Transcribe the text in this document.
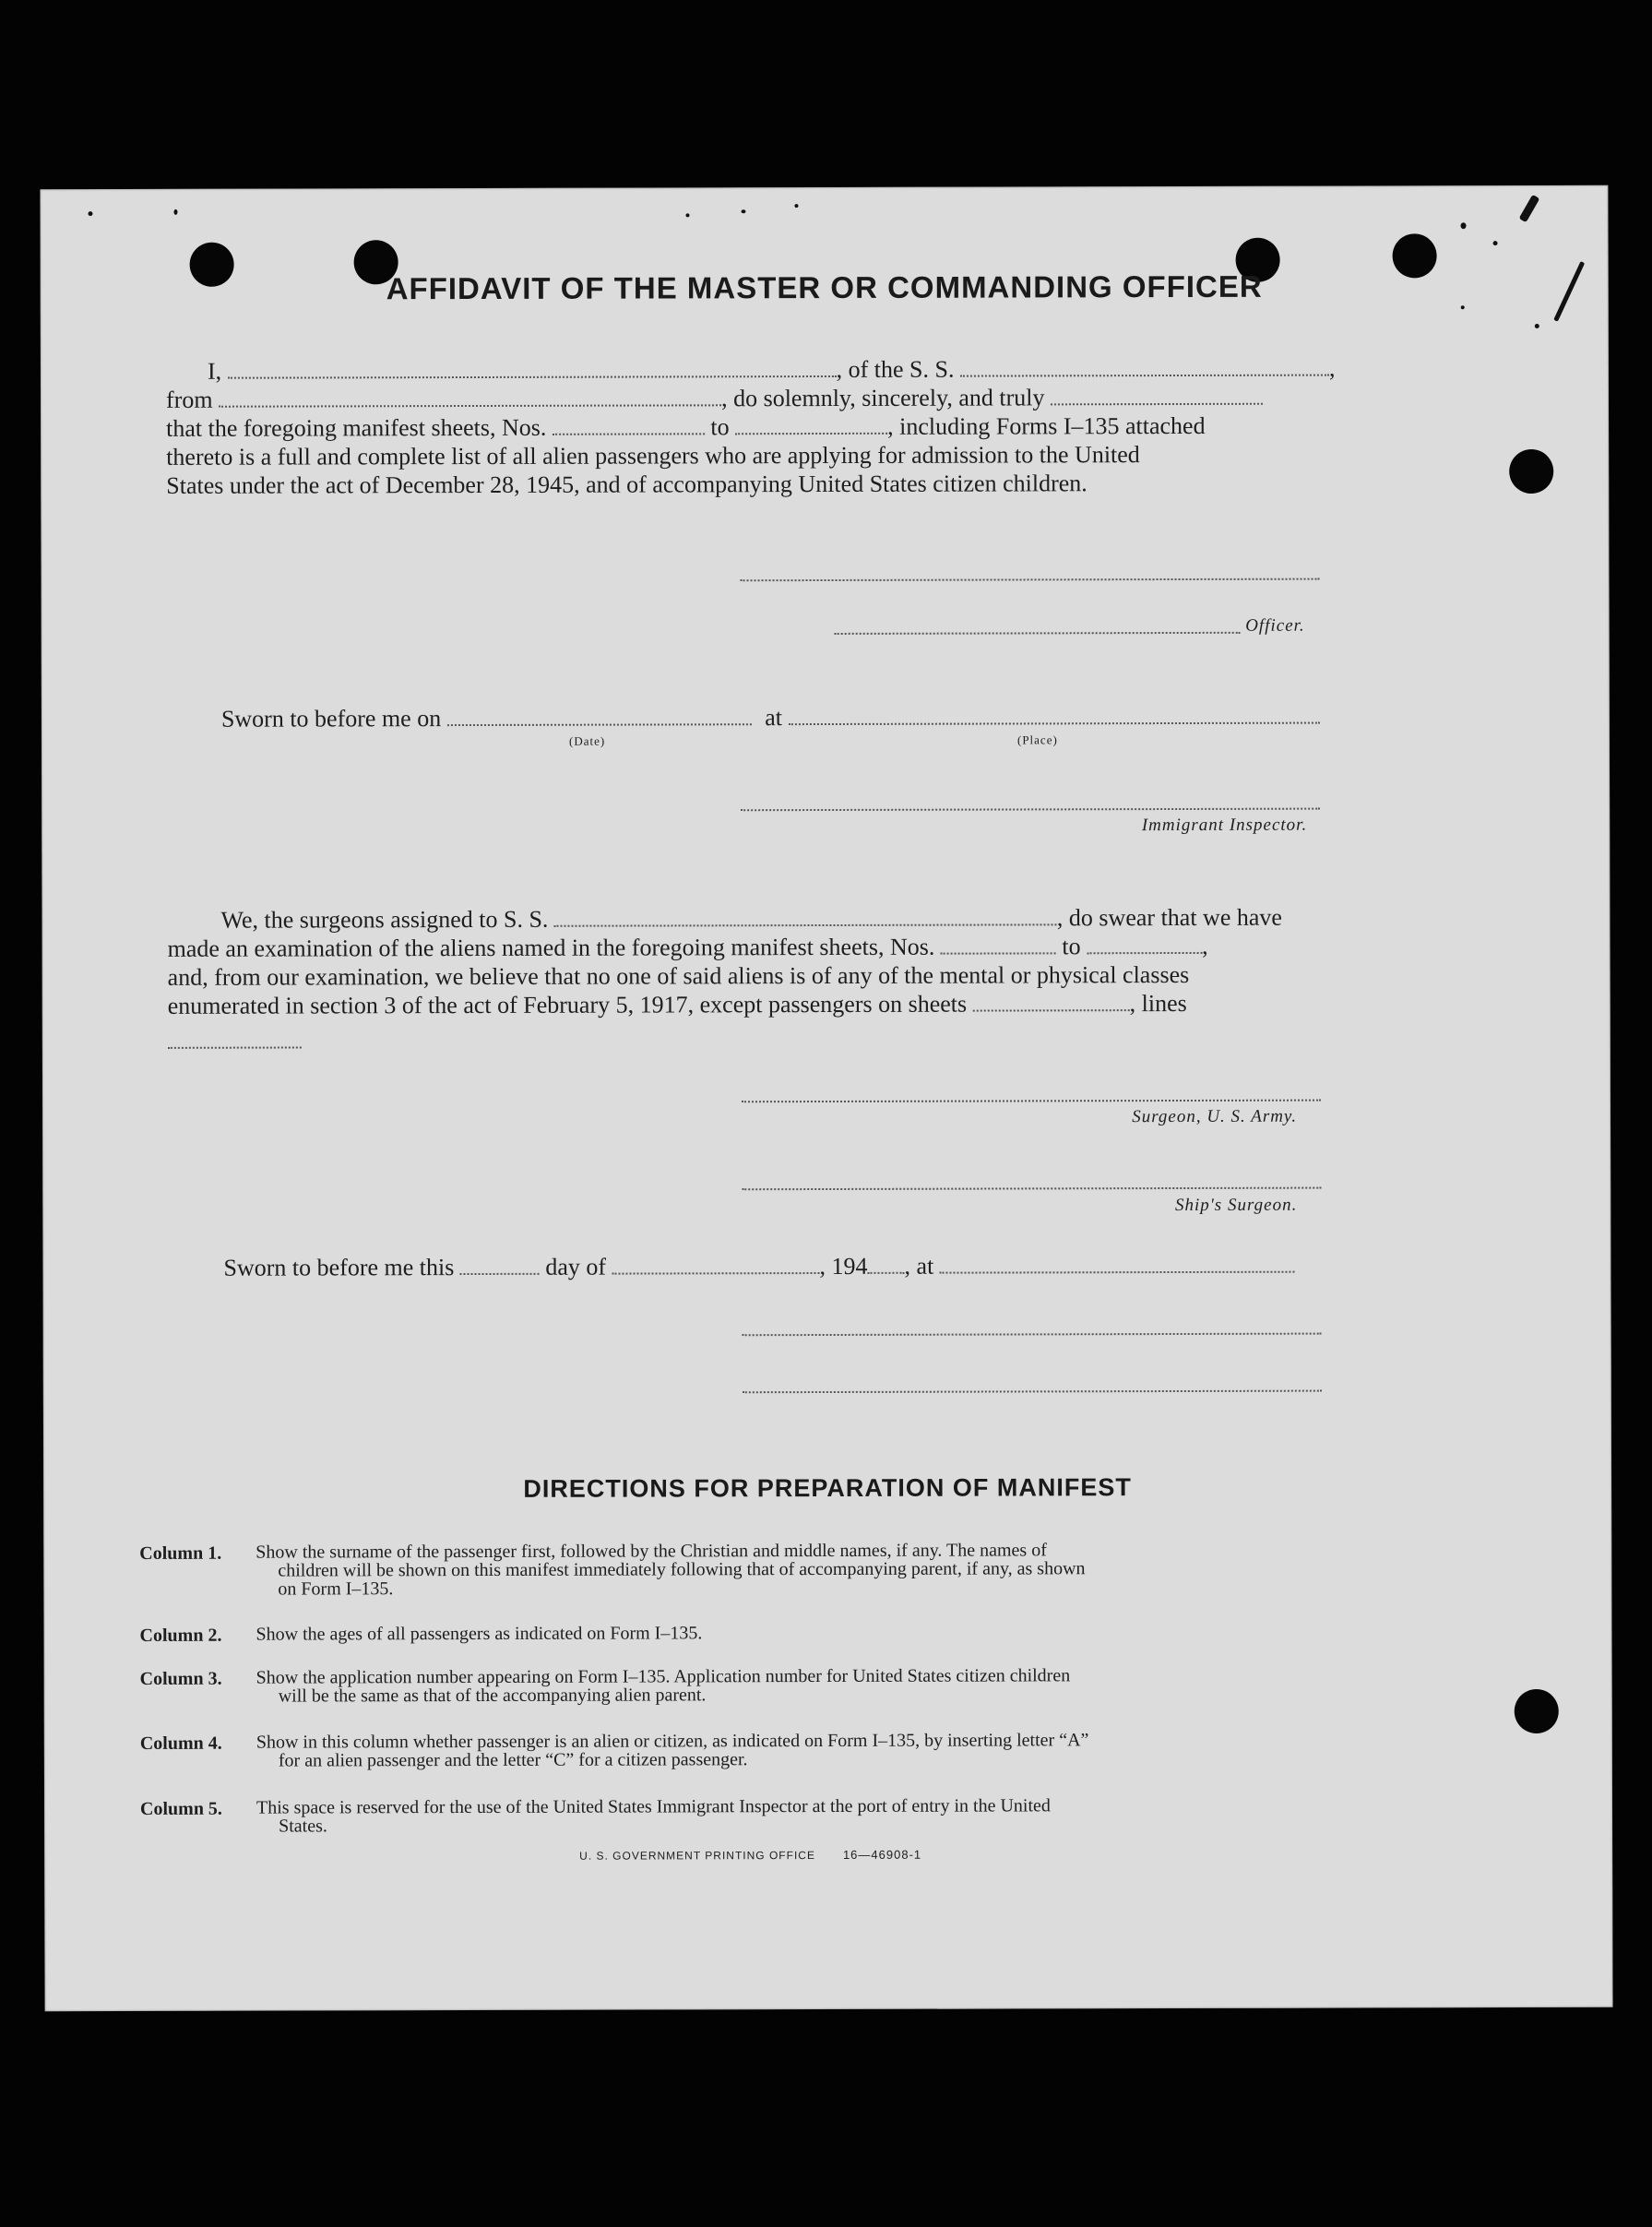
AFFIDAVIT OF THE MASTER OR COMMANDING OFFICER
I,	, of the S. S.	,
from	, do solemnly, sincerely, and truly
that the foregoing manifest sheets, Nos.	to	, including Forms I–135 attached
thereto is a full and complete list of all alien passengers who are applying for admission to the United
States under the act of December 28, 1945, and of accompanying United States citizen children.
Officer.
Sworn to before me on	at
(Date)	(Place)
Immigrant Inspector.
We, the surgeons assigned to S. S.	, do swear that we have
made an examination of the aliens named in the foregoing manifest sheets, Nos.	to	,
and, from our examination, we believe that no one of said aliens is of any of the mental or physical classes
enumerated in section 3 of the act of February 5, 1917, except passengers on sheets	, lines
Surgeon, U. S. Army.
Ship's Surgeon.
Sworn to before me this	day of	, 194 , at
DIRECTIONS FOR PREPARATION OF MANIFEST
Column 1. Show the surname of the passenger first, followed by the Christian and middle names, if any. The names of
children will be shown on this manifest immediately following that of accompanying parent, if any, as shown
on Form I–135.
Column 2. Show the ages of all passengers as indicated on Form I–135.
Column 3. Show the application number appearing on Form I–135. Application number for United States citizen children
will be the same as that of the accompanying alien parent.
Column 4. Show in this column whether passenger is an alien or citizen, as indicated on Form I–135, by inserting letter “A”
for an alien passenger and the letter “C” for a citizen passenger.
Column 5. This space is reserved for the use of the United States Immigrant Inspector at the port of entry in the United
States.
U. S. GOVERNMENT PRINTING OFFICE 16—46908-1
